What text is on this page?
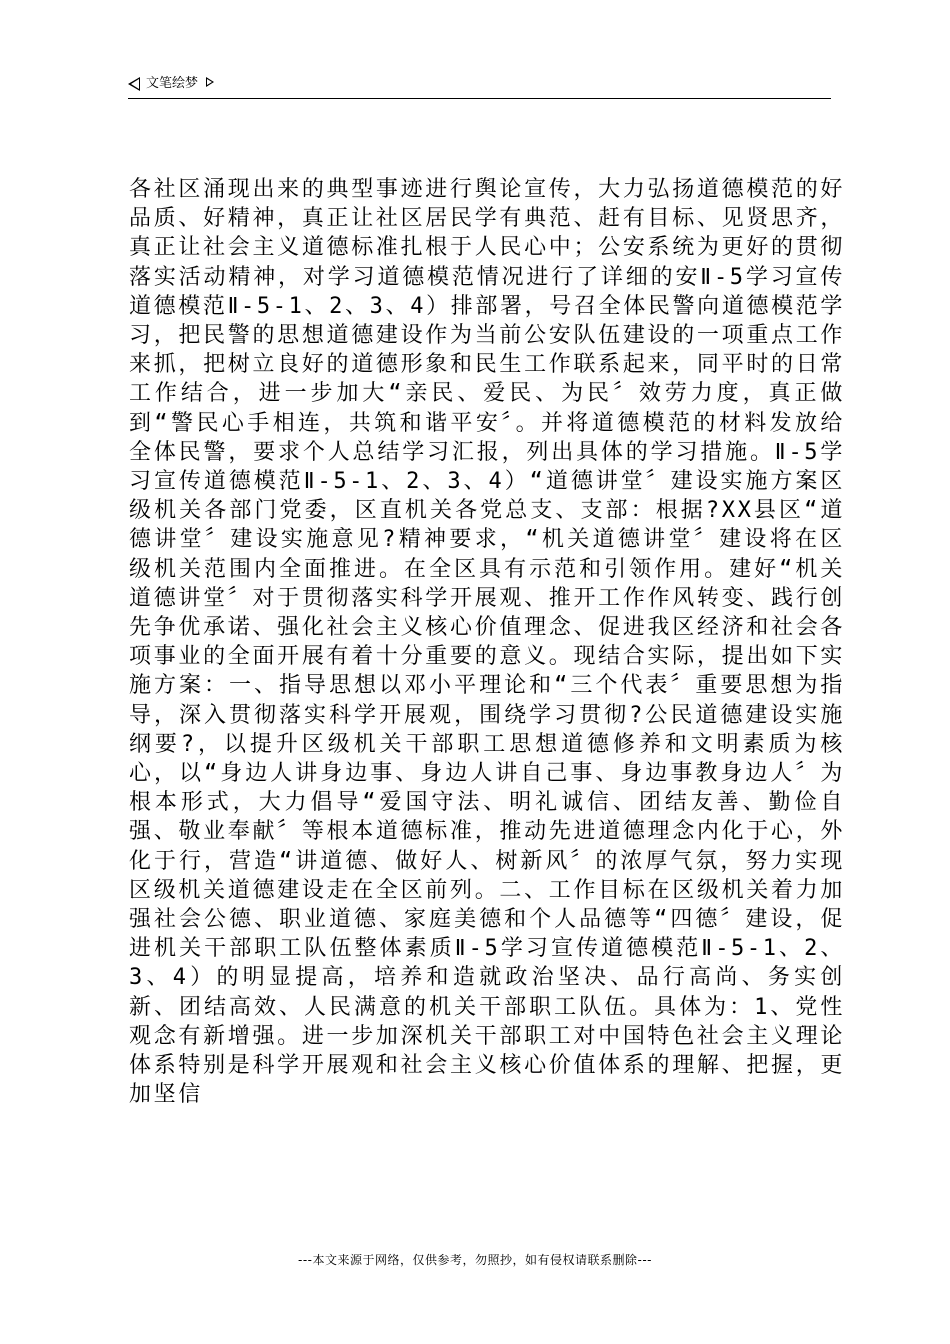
文笔绘梦
各社区涌现出来的典型事迹进行舆论宣传，大力弘扬道德模范的好品质、好精神，真正让社区居民学有典范、赶有目标、见贤思齐，真正让社会主义道德标准扎根于人民心中；公安系统为更好的贯彻落实活动精神，对学习道德模范情况进行了详细的安Ⅱ-5学习宣传道德模范Ⅱ-5-1、2、3、4）排部署，号召全体民警向道德模范学习，把民警的思想道德建设作为当前公安队伍建设的一项重点工作来抓，把树立良好的道德形象和民生工作联系起来，同平时的日常工作结合，进一步加大“亲民、爱民、为民〞效劳力度，真正做到“警民心手相连，共筑和谐平安〞。并将道德模范的材料发放给全体民警，要求个人总结学习汇报，列出具体的学习措施。Ⅱ-5学习宣传道德模范Ⅱ-5-1、2、3、4）“道德讲堂〞建设实施方案区级机关各部门党委，区直机关各党总支、支部：根据?XX县区“道德讲堂〞建设实施意见?精神要求，“机关道德讲堂〞建设将在区级机关范围内全面推进。在全区具有示范和引领作用。建好“机关道德讲堂〞对于贯彻落实科学开展观、推开工作作风转变、践行创先争优承诺、强化社会主义核心价值理念、促进我区经济和社会各项事业的全面开展有着十分重要的意义。现结合实际，提出如下实施方案：一、指导思想以邓小平理论和“三个代表〞重要思想为指导，深入贯彻落实科学开展观，围绕学习贯彻?公民道德建设实施纲要?，以提升区级机关干部职工思想道德修养和文明素质为核心，以“身边人讲身边事、身边人讲自己事、身边事教身边人〞为根本形式，大力倡导“爱国守法、明礼诚信、团结友善、勤俭自强、敬业奉献〞等根本道德标准，推动先进道德理念内化于心，外化于行，营造“讲道德、做好人、树新风〞的浓厚气氛，努力实现区级机关道德建设走在全区前列。二、工作目标在区级机关着力加强社会公德、职业道德、家庭美德和个人品德等“四德〞建设，促进机关干部职工队伍整体素质Ⅱ-5学习宣传道德模范Ⅱ-5-1、2、3、4）的明显提高，培养和造就政治坚决、品行高尚、务实创新、团结高效、人民满意的机关干部职工队伍。具体为：1、党性观念有新增强。进一步加深机关干部职工对中国特色社会主义理论体系特别是科学开展观和社会主义核心价值体系的理解、把握，更加坚信
---本文来源于网络，仅供参考，勿照抄，如有侵权请联系删除---
